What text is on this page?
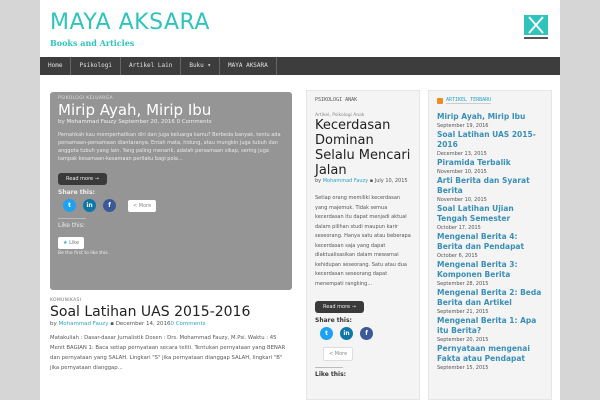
MAYA AKSARA
Books and Articles
Home	Psikologi	Artikel Lain	Buku ▾	MAYA AKSARA
PSIKOLOGI KELUARGA
Mirip Ayah, Mirip Ibu
by Mohammad Fauzy September 20, 2016 0 Comments
Pernahkah kau memperhatikan diri dan juga keluarga kamu? Berbeda banyak, tentu ada persamaan-persamaan diantaranya. Entah mata, hidung, atau mungkin juga tubuh dan anggota tubuh yang lain. Yang paling menarik, adalah persamaan sikap, sering juga tampak kesamaan-kesamaan perilaku bagi pola...
Read more →
Share this:
t	in	f	< More
Like this:
★ Like
Be the first to like this.
KOMUNIKASI
Soal Latihan UAS 2015-2016
by Mohammad Fauzy ▪ December 14, 20160 Comments
Matakuliah : Dasar-dasar Jurnalistik Dosen : Drs. Mohammad Fauzy, M.Psi. Waktu : 45 Menit BAGIAN 1: Baca setiap pernyataan secara teliti. Tentukan pernyataan yang BENAR dan pernyataan yang SALAH. Lingkari "S" jika pernyataan dianggap SALAH, lingkari "B" jika pernyataan dianggap...
PSIKOLOGI ANAK
Artikel, Psikologi Anak
Kecerdasan Dominan Selalu Mencari Jalan
by Mohammad Fauzy ▪ July 10, 2015
Setiap orang memiliki kecerdasan yang majemuk. Tidak semua kecerdasan itu dapat menjadi aktual dalam pilihan studi maupun karir seseorang. Hanya satu atau beberapa kecerdasan saja yang dapat diaktualisasikan dalam mewarnai kehidupan seseorang. Satu atau dua kecerdasan seseorang dapat menempati rangking...
Read more →
Share this:
t	in	f
< More
Like this:
ARTIKEL TERBARU
Mirip Ayah, Mirip Ibu
September 19, 2016
Soal Latihan UAS 2015-2016
December 13, 2015
Piramida Terbalik
November 10, 2015
Arti Berita dan Syarat Berita
November 10, 2015
Soal Latihan Ujian Tengah Semester
October 17, 2015
Mengenal Berita 4: Berita dan Pendapat
October 6, 2015
Mengenal Berita 3: Komponen Berita
September 28, 2015
Mengenal Berita 2: Beda Berita dan Artikel
September 21, 2015
Mengenal Berita 1: Apa itu Berita?
September 20, 2015
Pernyataan mengenai Fakta atau Pendapat
September 15, 2015
